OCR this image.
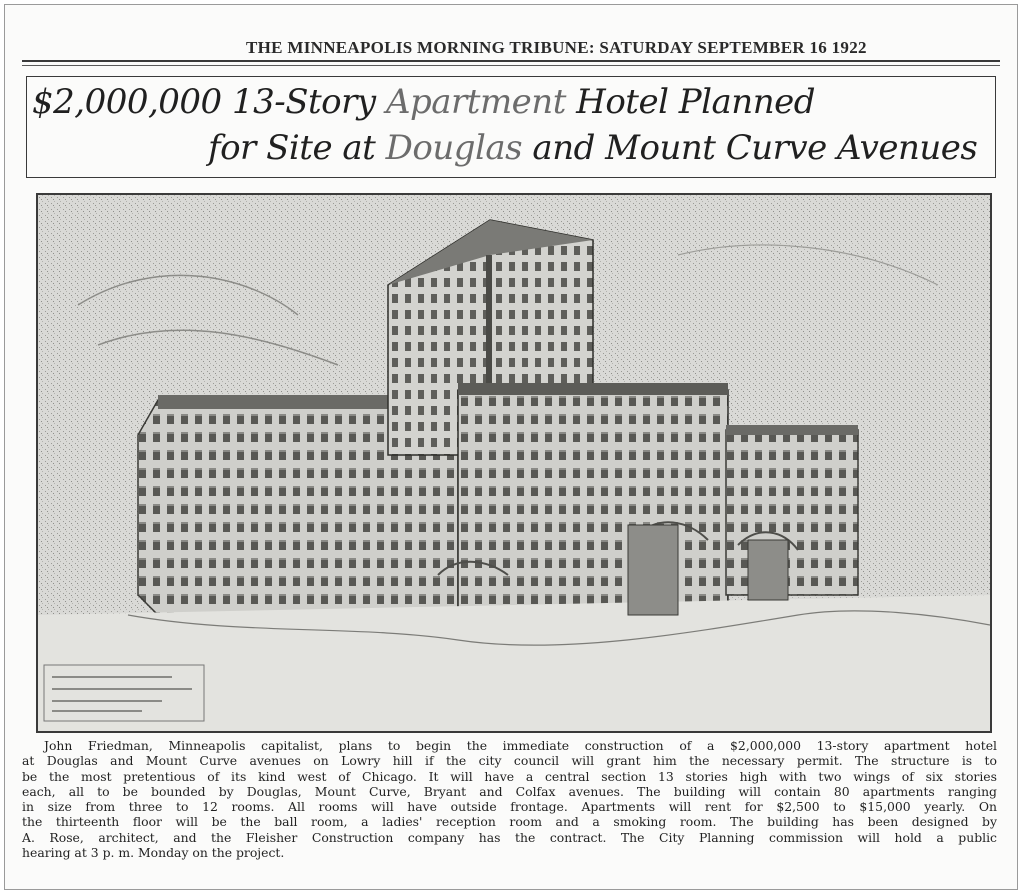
THE MINNEAPOLIS MORNING TRIBUNE: SATURDAY SEPTEMBER 16 1922
$2,000,000 13-Story Apartment Hotel Planned
for Site at Douglas and Mount Curve Avenues
John Friedman, Minneapolis capitalist, plans to begin the immediate construction of a $2,000,000 13-story apartment hotel
at Douglas and Mount Curve avenues on Lowry hill if the city council will grant him the necessary permit. The structure is to
be the most pretentious of its kind west of Chicago. It will have a central section 13 stories high with two wings of six stories
each, all to be bounded by Douglas, Mount Curve, Bryant and Colfax avenues. The building will contain 80 apartments ranging
in size from three to 12 rooms. All rooms will have outside frontage. Apartments will rent for $2,500 to $15,000 yearly. On
the thirteenth floor will be the ball room, a ladies' reception room and a smoking room. The building has been designed by
A. Rose, architect, and the Fleisher Construction company has the contract. The City Planning commission will hold a public
hearing at 3 p. m. Monday on the project.
